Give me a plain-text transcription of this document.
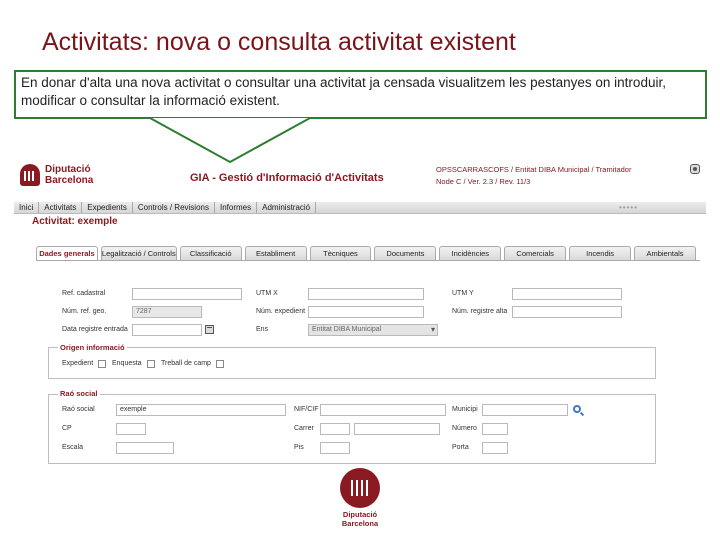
Activitats: nova o consulta activitat existent
En donar d'alta una nova activitat o consultar una activitat ja censada visualitzem les pestanyes on introduir, modificar o consultar la informació existent.
Diputació
Barcelona	GIA - Gestió d'Informació d'Activitats
OPSSCARRASCOFS / Entitat DIBA Municipal / Tramitador
Node C / Ver. 2.3 / Rev. 11/3
Inici	Activitats	Expedients	Controls / Revisions	Informes	Administració	•••••
Activitat: exemple
Dades generals Legalització / Controls	Classificació	Establiment	Tècniques	Documents	Incidències	Comercials	Incendis	Ambientals
Ref. cadastral	UTM X	UTM Y
Núm. ref. geo.	7287	Núm. expedient	Núm. registre alta
Data registre entrada	Ens	Entitat DIBA Municipal ▾
Origen informació
Expedient	Enquesta	Treball de camp
Raó social
Raó social	exemple	NIF/CIF	Municipi
CP	Carrer	Número
Escala	Pis	Porta
Diputació
Barcelona
